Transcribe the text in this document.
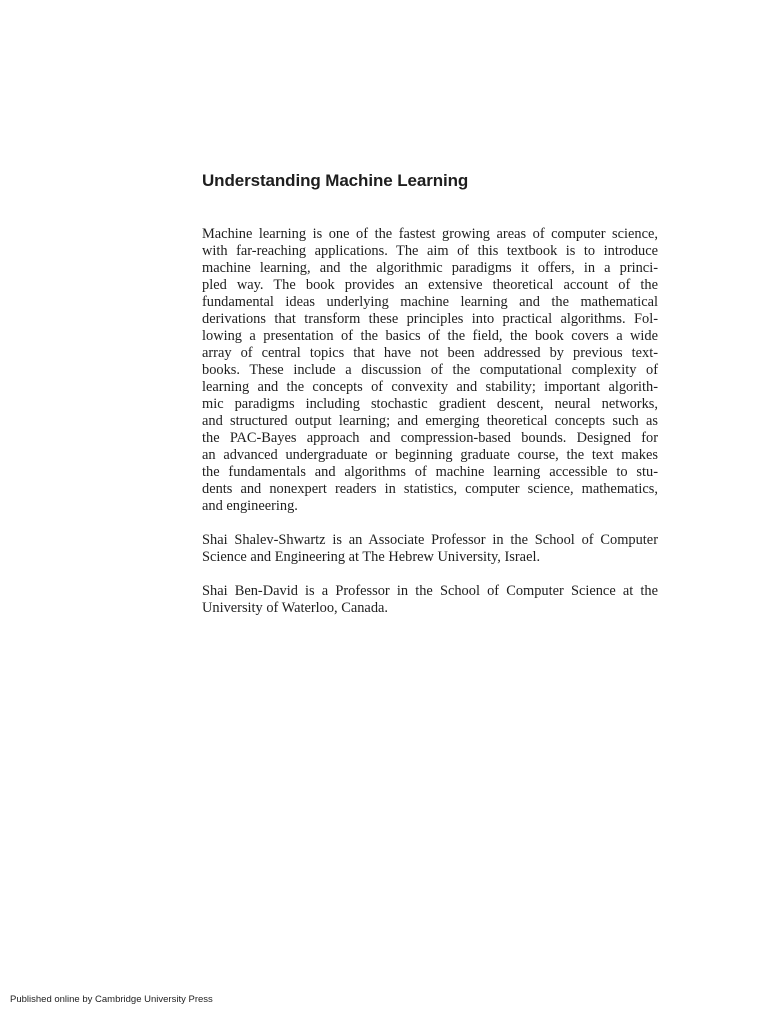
Understanding Machine Learning
Machine learning is one of the fastest growing areas of computer science,
with far-reaching applications. The aim of this textbook is to introduce
machine learning, and the algorithmic paradigms it offers, in a princi-
pled way. The book provides an extensive theoretical account of the
fundamental ideas underlying machine learning and the mathematical
derivations that transform these principles into practical algorithms. Fol-
lowing a presentation of the basics of the field, the book covers a wide
array of central topics that have not been addressed by previous text-
books. These include a discussion of the computational complexity of
learning and the concepts of convexity and stability; important algorith-
mic paradigms including stochastic gradient descent, neural networks,
and structured output learning; and emerging theoretical concepts such as
the PAC-Bayes approach and compression-based bounds. Designed for
an advanced undergraduate or beginning graduate course, the text makes
the fundamentals and algorithms of machine learning accessible to stu-
dents and nonexpert readers in statistics, computer science, mathematics,
and engineering.
Shai Shalev-Shwartz is an Associate Professor in the School of Computer
Science and Engineering at The Hebrew University, Israel.
Shai Ben-David is a Professor in the School of Computer Science at the
University of Waterloo, Canada.

Published online by Cambridge University Press
